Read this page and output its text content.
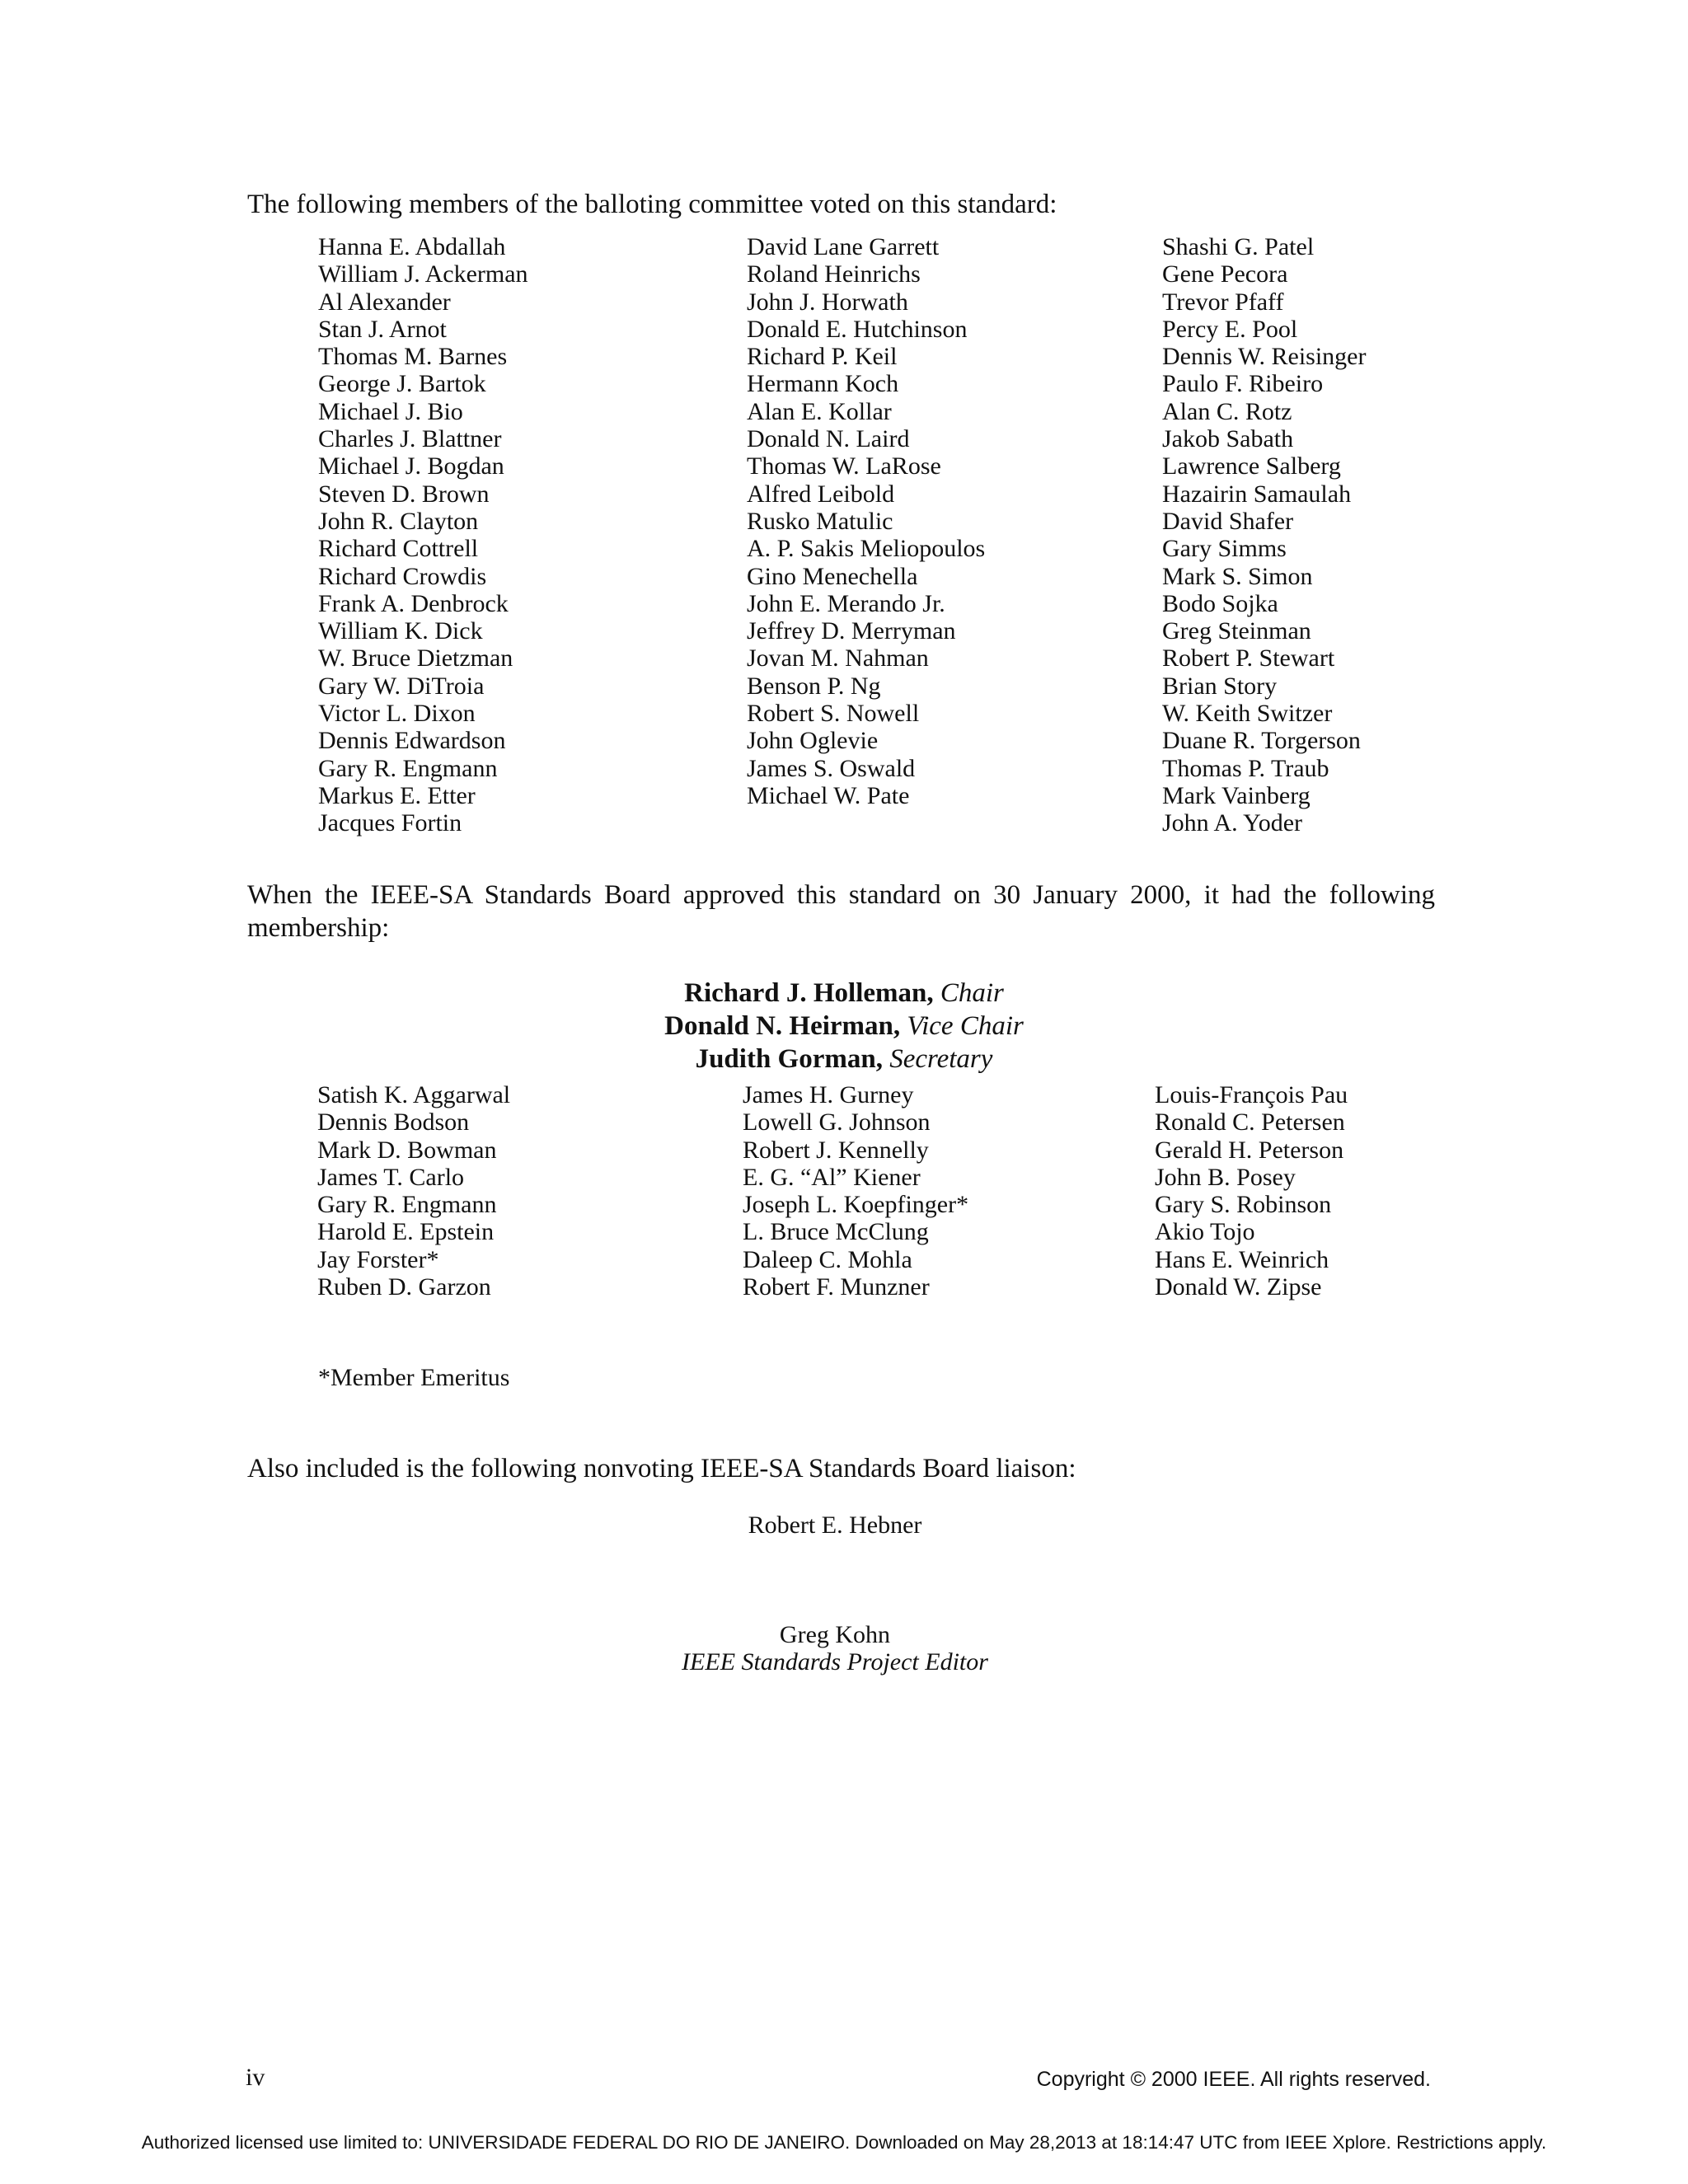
The following members of the balloting committee voted on this standard:
Hanna E. Abdallah
William J. Ackerman
Al Alexander
Stan J. Arnot
Thomas M. Barnes
George J. Bartok
Michael J. Bio
Charles J. Blattner
Michael J. Bogdan
Steven D. Brown
John R. Clayton
Richard Cottrell
Richard Crowdis
Frank A. Denbrock
William K. Dick
W. Bruce Dietzman
Gary W. DiTroia
Victor L. Dixon
Dennis Edwardson
Gary R. Engmann
Markus E. Etter
Jacques Fortin
David Lane Garrett
Roland Heinrichs
John J. Horwath
Donald E. Hutchinson
Richard P. Keil
Hermann Koch
Alan E. Kollar
Donald N. Laird
Thomas W. LaRose
Alfred Leibold
Rusko Matulic
A. P. Sakis Meliopoulos
Gino Menechella
John E. Merando Jr.
Jeffrey D. Merryman
Jovan M. Nahman
Benson P. Ng
Robert S. Nowell
John Oglevie
James S. Oswald
Michael W. Pate
Shashi G. Patel
Gene Pecora
Trevor Pfaff
Percy E. Pool
Dennis W. Reisinger
Paulo F. Ribeiro
Alan C. Rotz
Jakob Sabath
Lawrence Salberg
Hazairin Samaulah
David Shafer
Gary Simms
Mark S. Simon
Bodo Sojka
Greg Steinman
Robert P. Stewart
Brian Story
W. Keith Switzer
Duane R. Torgerson
Thomas P. Traub
Mark Vainberg
John A. Yoder
When the IEEE-SA Standards Board approved this standard on 30 January 2000, it had the following membership:
Richard J. Holleman, Chair
Donald N. Heirman, Vice Chair
Judith Gorman, Secretary
Satish K. Aggarwal
Dennis Bodson
Mark D. Bowman
James T. Carlo
Gary R. Engmann
Harold E. Epstein
Jay Forster*
Ruben D. Garzon
James H. Gurney
Lowell G. Johnson
Robert J. Kennelly
E. G. “Al” Kiener
Joseph L. Koepfinger*
L. Bruce McClung
Daleep C. Mohla
Robert F. Munzner
Louis-François Pau
Ronald C. Petersen
Gerald H. Peterson
John B. Posey
Gary S. Robinson
Akio Tojo
Hans E. Weinrich
Donald W. Zipse
*Member Emeritus
Also included is the following nonvoting IEEE-SA Standards Board liaison:
Robert E. Hebner
Greg Kohn
IEEE Standards Project Editor
iv	Copyright © 2000 IEEE. All rights reserved.
Authorized licensed use limited to: UNIVERSIDADE FEDERAL DO RIO DE JANEIRO. Downloaded on May 28,2013 at 18:14:47 UTC from IEEE Xplore. Restrictions apply.
